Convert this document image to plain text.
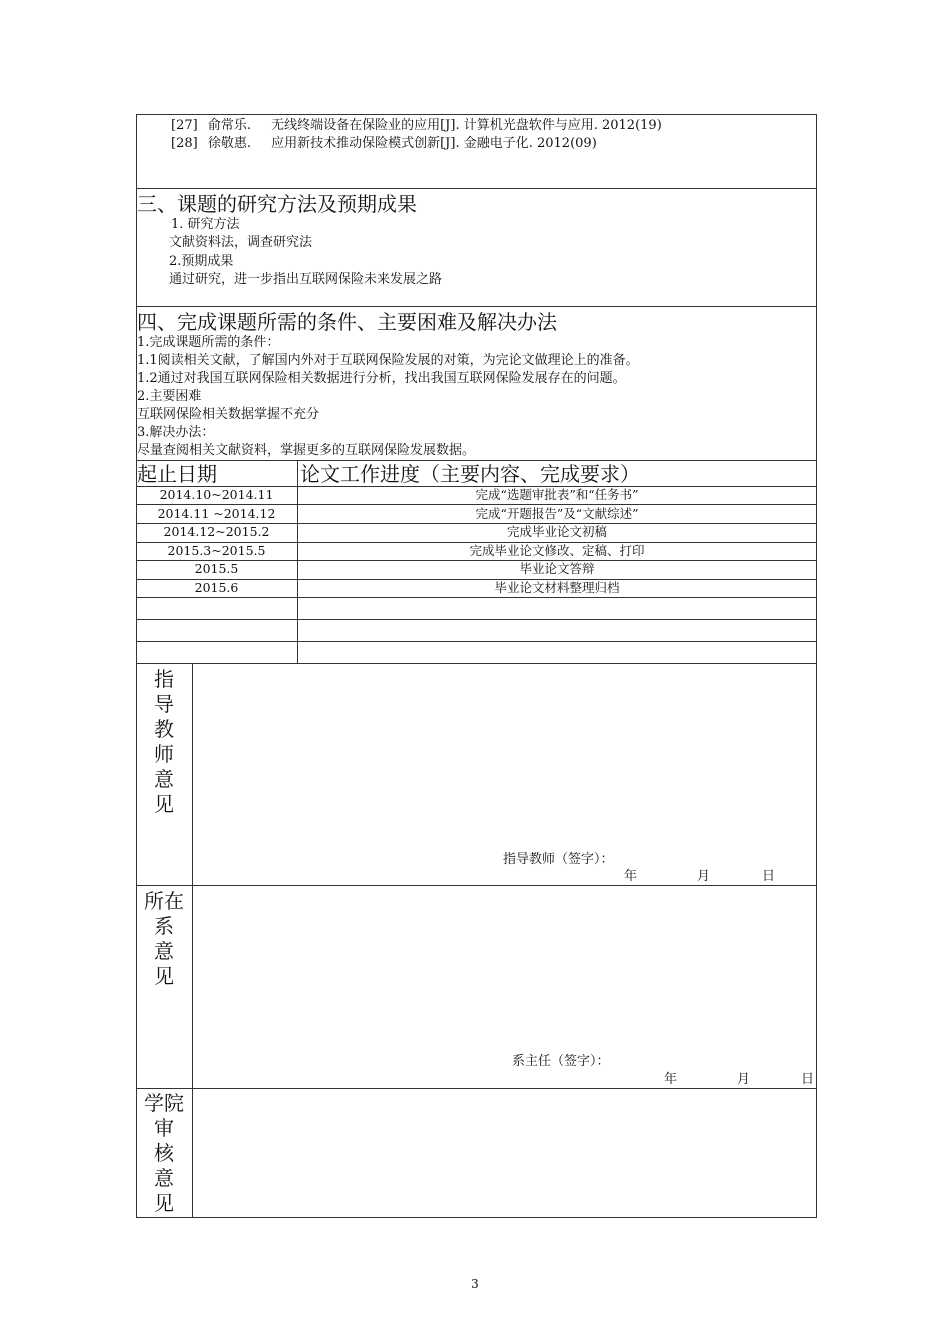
[27] 俞常乐. 无线终端设备在保险业的应用[J]. 计算机光盘软件与应用. 2012(19)
[28] 徐敬惠. 应用新技术推动保险模式创新[J]. 金融电子化. 2012(09)
三、课题的研究方法及预期成果
1. 研究方法
文献资料法，调查研究法
2.预期成果
通过研究，进一步指出互联网保险未来发展之路
四、完成课题所需的条件、主要困难及解决办法
1.完成课题所需的条件：
1.1阅读相关文献，了解国内外对于互联网保险发展的对策，为完论文做理论上的准备。
1.2通过对我国互联网保险相关数据进行分析，找出我国互联网保险发展存在的问题。
2.主要困难
互联网保险相关数据掌握不充分
3.解决办法：
尽量查阅相关文献资料，掌握更多的互联网保险发展数据。
起止日期	论文工作进度（主要内容、完成要求）
2014.10~2014.11	完成“选题审批表”和“任务书”
2014.11 ~2014.12	完成“开题报告”及“文献综述”
2014.12~2015.2	完成毕业论文初稿
2015.3~2015.5	完成毕业论文修改、定稿、打印
2015.5	毕业论文答辩
2015.6	毕业论文材料整理归档
指
导
教
师
意
见
指导教师（签字）：
年	月	日
所在
系
意
见
系主任（签字）：
年	月	日
学院
审
核
意
见
3
